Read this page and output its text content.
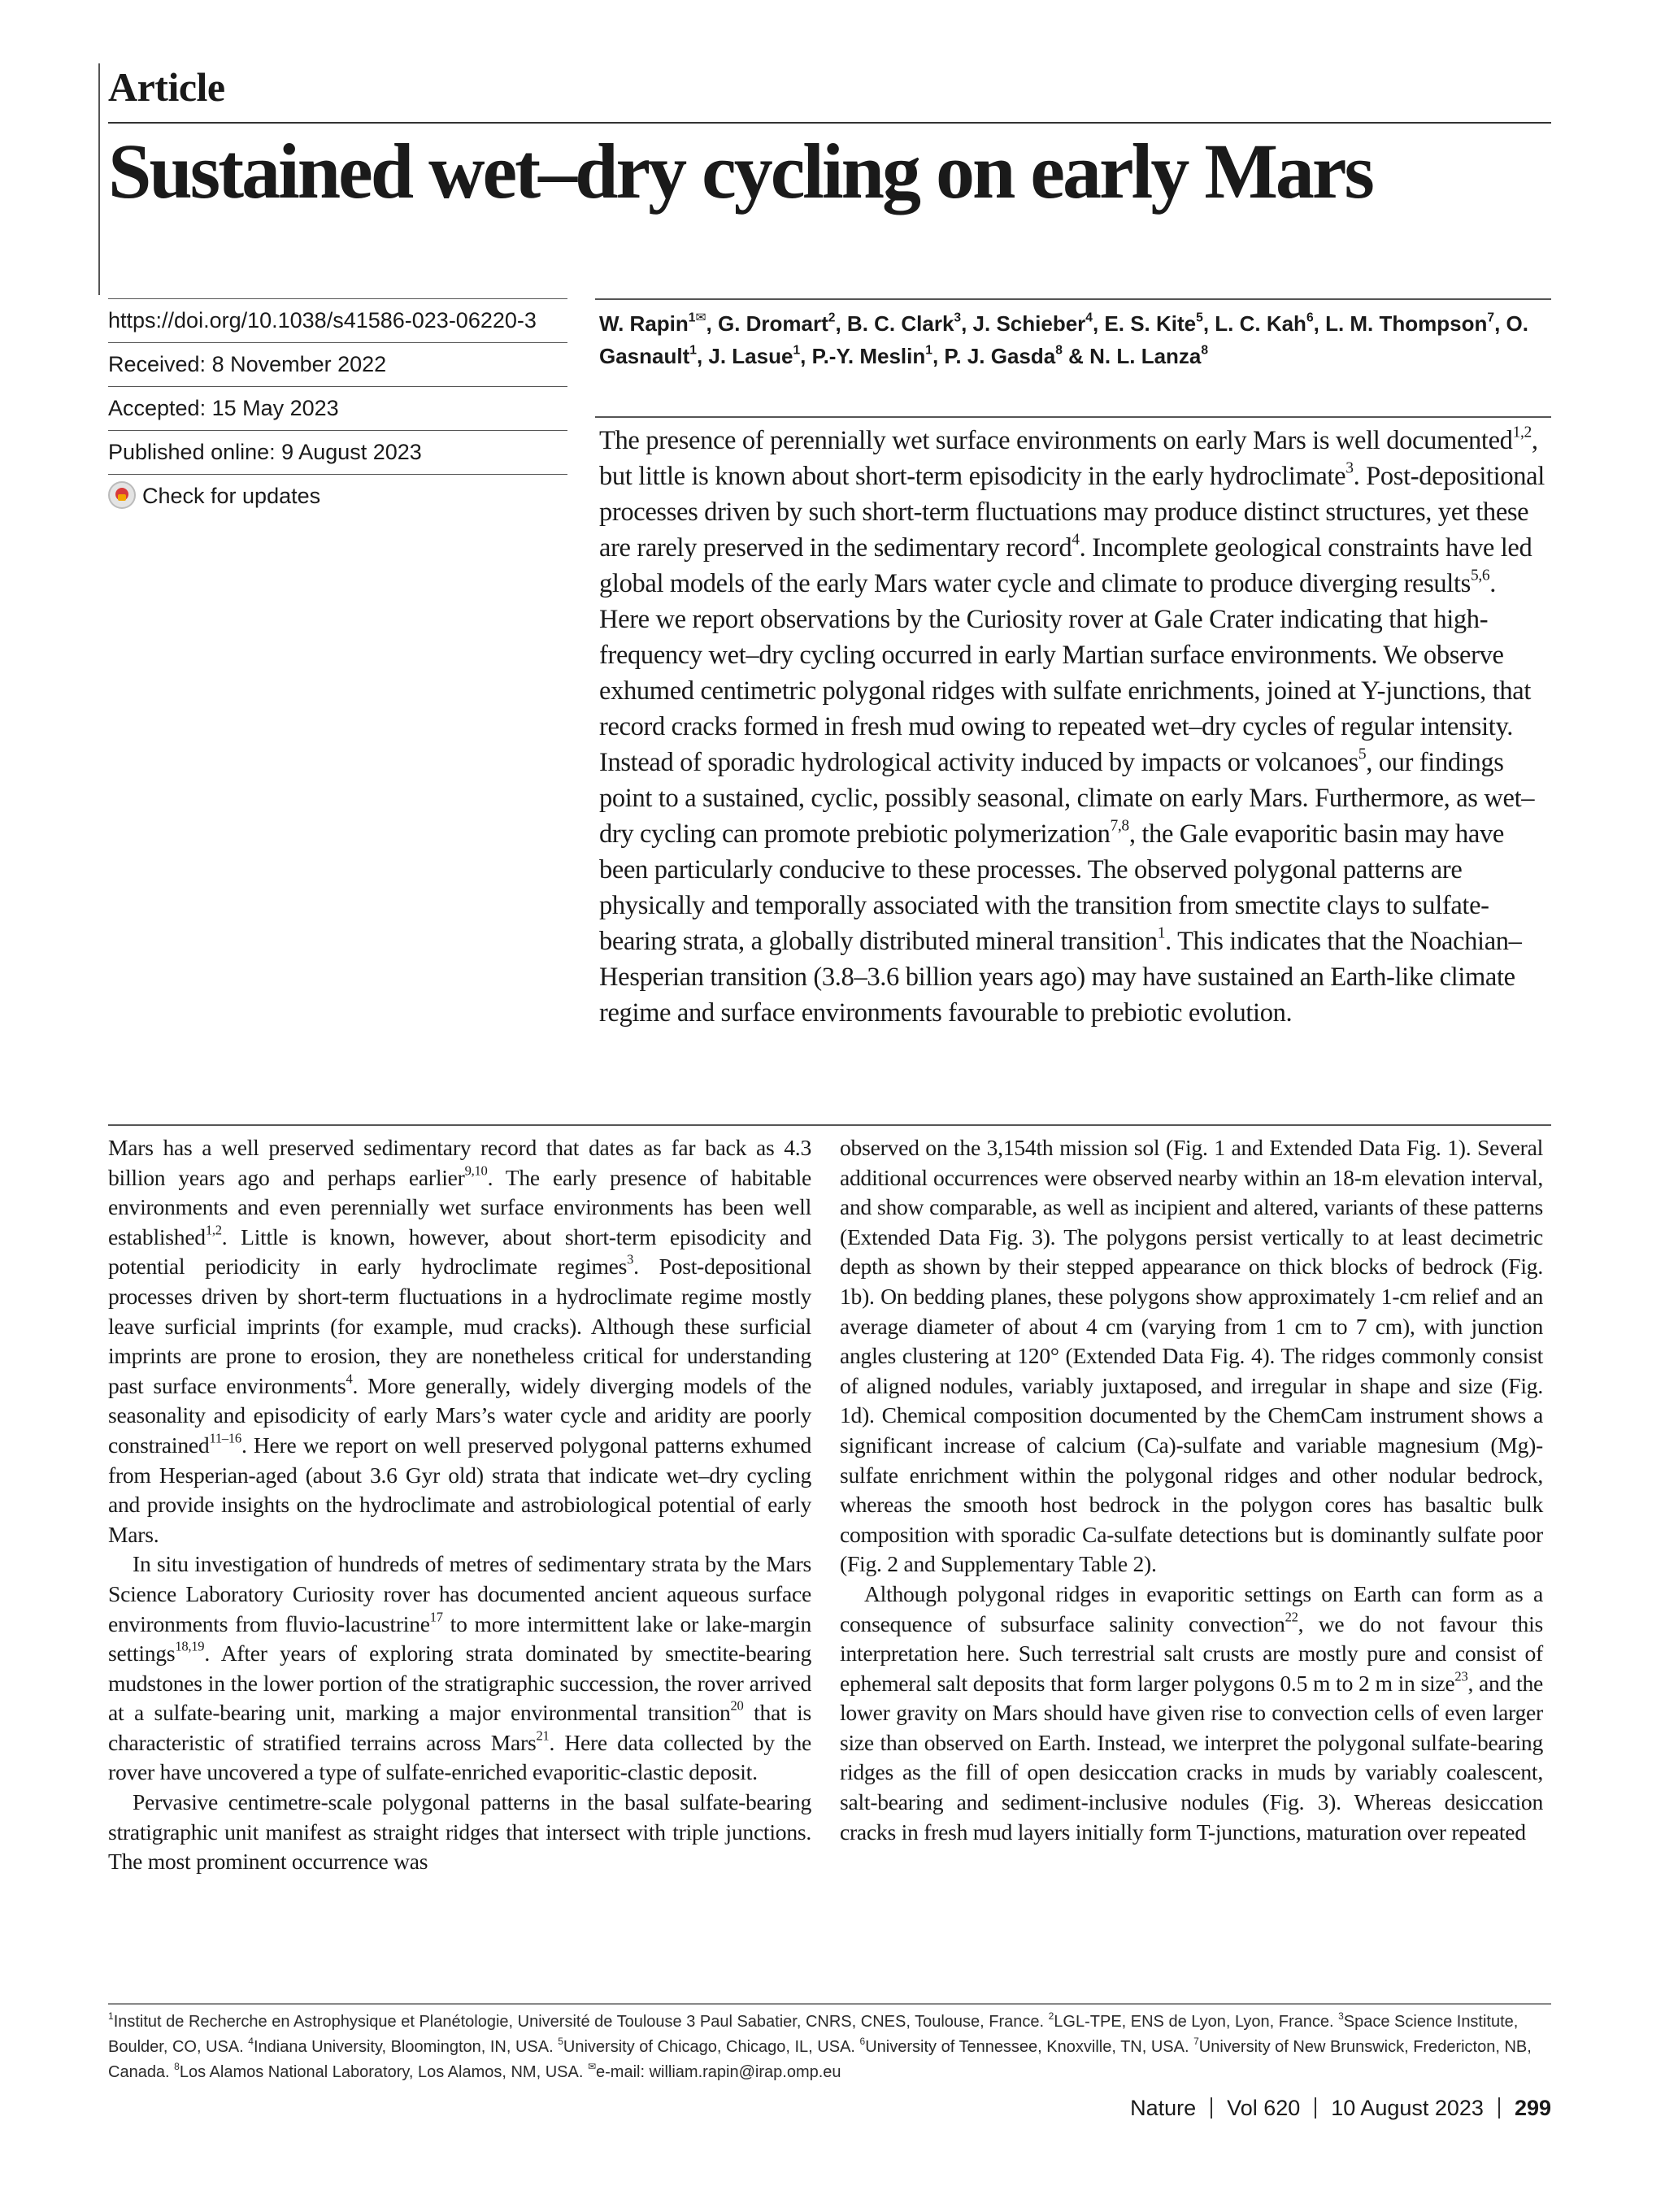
Article
Sustained wet–dry cycling on early Mars
https://doi.org/10.1038/s41586-023-06220-3
Received: 8 November 2022
Accepted: 15 May 2023
Published online: 9 August 2023
Check for updates
W. Rapin$^{1✉}$, G. Dromart$^2$, B. C. Clark$^3$, J. Schieber$^4$, E. S. Kite$^5$, L. C. Kah$^6$, L. M. Thompson$^7$, O. Gasnault$^1$, J. Lasue$^1$, P.-Y. Meslin$^1$, P. J. Gasda$^8$ & N. L. Lanza$^8$

The presence of perennially wet surface environments on early Mars is well documented$^{1,2}$, but little is known about short-term episodicity in the early hydroclimate$^3$. Post-depositional processes driven by such short-term fluctuations may produce distinct structures, yet these are rarely preserved in the sedimentary record$^4$. Incomplete geological constraints have led global models of the early Mars water cycle and climate to produce diverging results$^{5,6}$. Here we report observations by the Curiosity rover at Gale Crater indicating that high-frequency wet–dry cycling occurred in early Martian surface environments. We observe exhumed centimetric polygonal ridges with sulfate enrichments, joined at Y-junctions, that record cracks formed in fresh mud owing to repeated wet–dry cycles of regular intensity. Instead of sporadic hydrological activity induced by impacts or volcanoes$^5$, our findings point to a sustained, cyclic, possibly seasonal, climate on early Mars. Furthermore, as wet–dry cycling can promote prebiotic polymerization$^{7,8}$, the Gale evaporitic basin may have been particularly conducive to these processes. The observed polygonal patterns are physically and temporally associated with the transition from smectite clays to sulfate-bearing strata, a globally distributed mineral transition$^1$. This indicates that the Noachian–Hesperian transition (3.8–3.6 billion years ago) may have sustained an Earth-like climate regime and surface environments favourable to prebiotic evolution.

Mars has a well preserved sedimentary record that dates as far back as 4.3 billion years ago and perhaps earlier$^{9,10}$. The early presence of habitable environments and even perennially wet surface environments has been well established$^{1,2}$. Little is known, however, about short-term episodicity and potential periodicity in early hydroclimate regimes$^3$. Post-depositional processes driven by short-term fluctuations in a hydroclimate regime mostly leave surficial imprints (for example, mud cracks). Although these surficial imprints are prone to erosion, they are nonetheless critical for understanding past surface environments$^4$. More generally, widely diverging models of the seasonality and episodicity of early Mars’s water cycle and aridity are poorly constrained$^{11-16}$. Here we report on well preserved polygonal patterns exhumed from Hesperian-aged (about 3.6 Gyr old) strata that indicate wet–dry cycling and provide insights on the hydroclimate and astrobiological potential of early Mars.

In situ investigation of hundreds of metres of sedimentary strata by the Mars Science Laboratory Curiosity rover has documented ancient aqueous surface environments from fluvio-lacustrine$^{17}$ to more intermittent lake or lake-margin settings$^{18,19}$. After years of exploring strata dominated by smectite-bearing mudstones in the lower portion of the stratigraphic succession, the rover arrived at a sulfate-bearing unit, marking a major environmental transition$^{20}$ that is characteristic of stratified terrains across Mars$^{21}$. Here data collected by the rover have uncovered a type of sulfate-enriched evaporitic-clastic deposit.

Pervasive centimetre-scale polygonal patterns in the basal sulfate-bearing stratigraphic unit manifest as straight ridges that intersect with triple junctions. The most prominent occurrence was

observed on the 3,154th mission sol (Fig. 1 and Extended Data Fig. 1). Several additional occurrences were observed nearby within an 18-m elevation interval, and show comparable, as well as incipient and altered, variants of these patterns (Extended Data Fig. 3). The polygons persist vertically to at least decimetric depth as shown by their stepped appearance on thick blocks of bedrock (Fig. 1b). On bedding planes, these polygons show approximately 1-cm relief and an average diameter of about 4 cm (varying from 1 cm to 7 cm), with junction angles clustering at 120° (Extended Data Fig. 4). The ridges commonly consist of aligned nodules, variably juxtaposed, and irregular in shape and size (Fig. 1d). Chemical composition documented by the ChemCam instrument shows a significant increase of calcium (Ca)-sulfate and variable magnesium (Mg)-sulfate enrichment within the polygonal ridges and other nodular bedrock, whereas the smooth host bedrock in the polygon cores has basaltic bulk composition with sporadic Ca-sulfate detections but is dominantly sulfate poor (Fig. 2 and Supplementary Table 2).

Although polygonal ridges in evaporitic settings on Earth can form as a consequence of subsurface salinity convection$^{22}$, we do not favour this interpretation here. Such terrestrial salt crusts are mostly pure and consist of ephemeral salt deposits that form larger polygons 0.5 m to 2 m in size$^{23}$, and the lower gravity on Mars should have given rise to convection cells of even larger size than observed on Earth. Instead, we interpret the polygonal sulfate-bearing ridges as the fill of open desiccation cracks in muds by variably coalescent, salt-bearing and sediment-inclusive nodules (Fig. 3). Whereas desiccation cracks in fresh mud layers initially form T-junctions, maturation over repeated

$^1$Institut de Recherche en Astrophysique et Planétologie, Université de Toulouse 3 Paul Sabatier, CNRS, CNES, Toulouse, France. $^2$LGL-TPE, ENS de Lyon, Lyon, France. $^3$Space Science Institute, Boulder, CO, USA. $^4$Indiana University, Bloomington, IN, USA. $^5$University of Chicago, Chicago, IL, USA. $^6$University of Tennessee, Knoxville, TN, USA. $^7$University of New Brunswick, Fredericton, NB, Canada. $^8$Los Alamos National Laboratory, Los Alamos, NM, USA. ✉e-mail: william.rapin@irap.omp.eu
Nature Vol 620 10 August 2023 299
